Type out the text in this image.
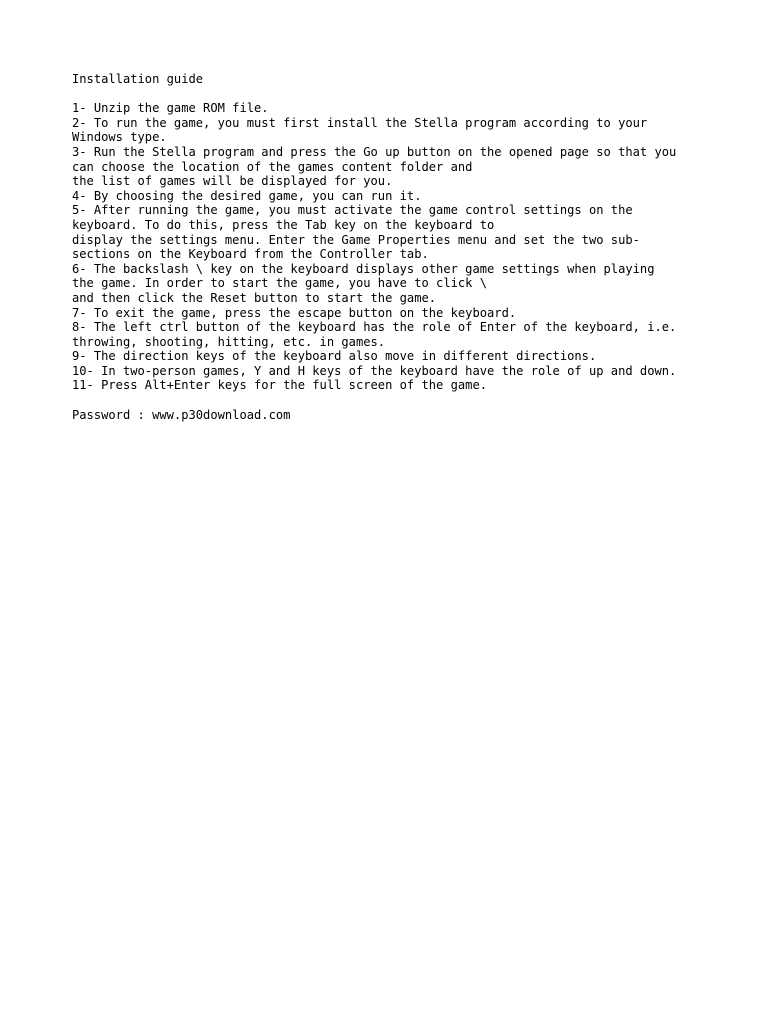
Installation guide
1- Unzip the game ROM file.
2- To run the game, you must first install the Stella program according to your
Windows type.
3- Run the Stella program and press the Go up button on the opened page so that you
can choose the location of the games content folder and
the list of games will be displayed for you.
4- By choosing the desired game, you can run it.
5- After running the game, you must activate the game control settings on the
keyboard. To do this, press the Tab key on the keyboard to
display the settings menu. Enter the Game Properties menu and set the two sub-
sections on the Keyboard from the Controller tab.
6- The backslash \ key on the keyboard displays other game settings when playing
the game. In order to start the game, you have to click \
and then click the Reset button to start the game.
7- To exit the game, press the escape button on the keyboard.
8- The left ctrl button of the keyboard has the role of Enter of the keyboard, i.e.
throwing, shooting, hitting, etc. in games.
9- The direction keys of the keyboard also move in different directions.
10- In two-person games, Y and H keys of the keyboard have the role of up and down.
11- Press Alt+Enter keys for the full screen of the game.
Password : www.p30download.com
